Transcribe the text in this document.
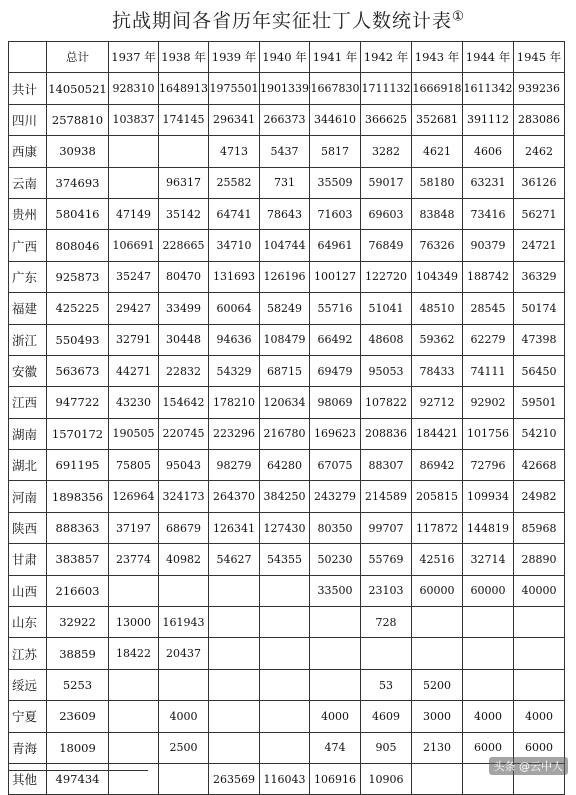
抗战期间各省历年实征壮丁人数统计表①
	总计	1937 年	1938 年	1939 年	1940 年	1941 年	1942 年	1943 年	1944 年	1945 年
共计	14050521	928310	1648913	1975501	1901339	1667830	1711132	1666918	1611342	939236
四川	2578810	103837	174145	296341	266373	344610	366625	352681	391112	283086
西康	30938			4713	5437	5817	3282	4621	4606	2462
云南	374693		96317	25582	731	35509	59017	58180	63231	36126
贵州	580416	47149	35142	64741	78643	71603	69603	83848	73416	56271
广西	808046	106691	228665	34710	104744	64961	76849	76326	90379	24721
广东	925873	35247	80470	131693	126196	100127	122720	104349	188742	36329
福建	425225	29427	33499	60064	58249	55716	51041	48510	28545	50174
浙江	550493	32791	30448	94636	108479	66492	48608	59362	62279	47398
安徽	563673	44271	22832	54329	68715	69479	95053	78433	74111	56450
江西	947722	43230	154642	178210	120634	98069	107822	92712	92902	59501
湖南	1570172	190505	220745	223296	216780	169623	208836	184421	101756	54210
湖北	691195	75805	95043	98279	64280	67075	88307	86942	72796	42668
河南	1898356	126964	324173	264370	384250	243279	214589	205815	109934	24982
陕西	888363	37197	68679	126341	127430	80350	99707	117872	144819	85968
甘肃	383857	23774	40982	54627	54355	50230	55769	42516	32714	28890
山西	216603					33500	23103	60000	60000	40000
山东	32922	13000	161943				728			
江苏	38859	18422	20437							
绥远	5253						53	5200		
宁夏	23609		4000			4000	4609	3000	4000	4000
青海	18009		2500			474	905	2130	6000	6000
其他	497434			263569	116043	106916	10906			
头条 @云中人
